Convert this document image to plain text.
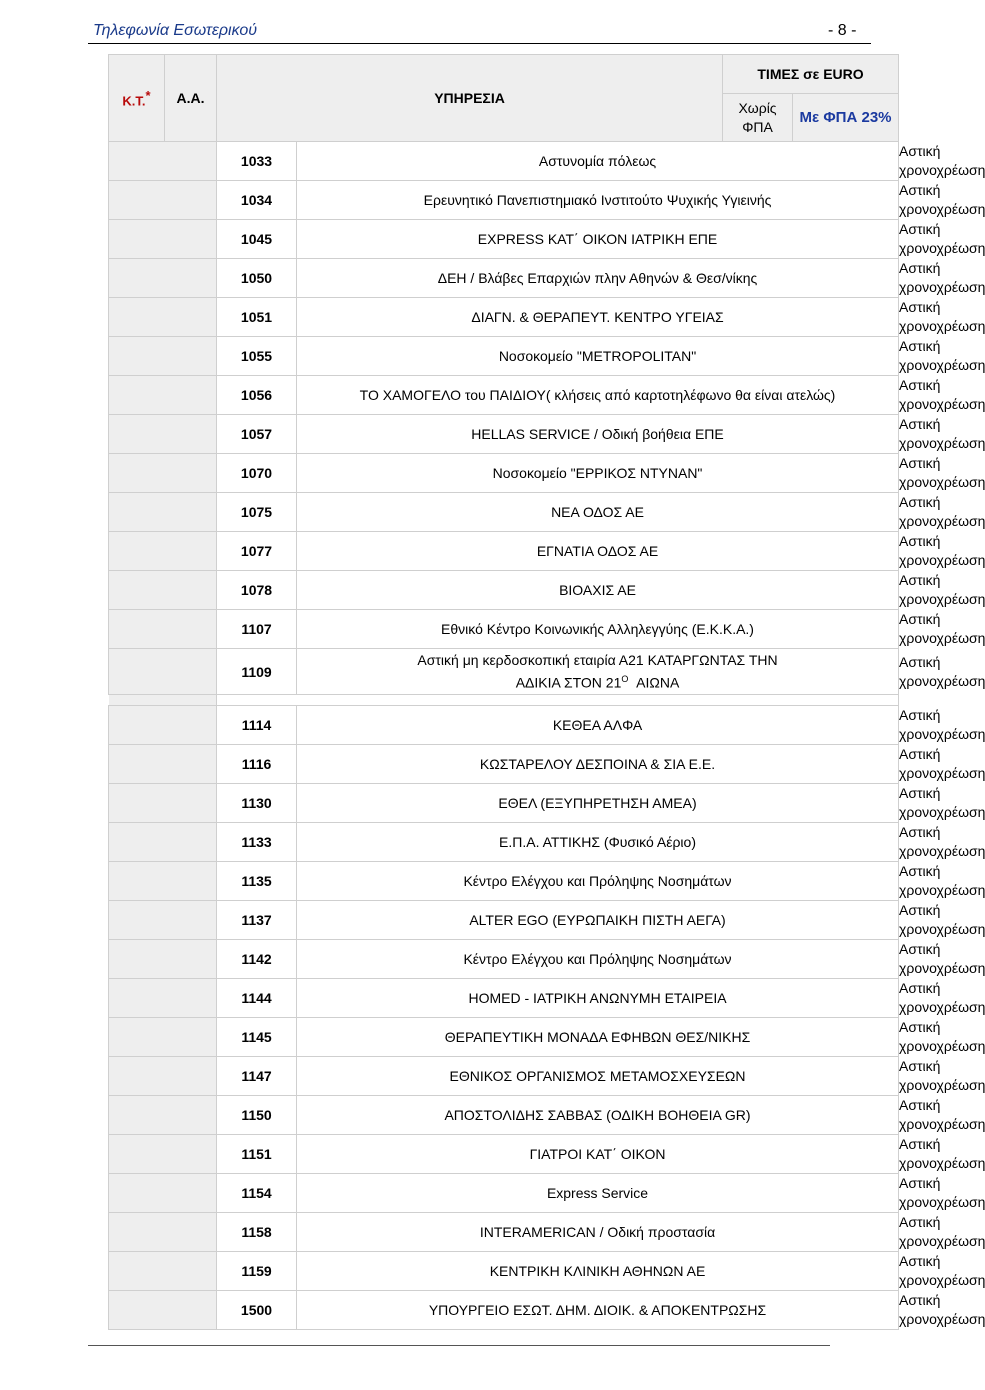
Τηλεφωνία Εσωτερικού	- 8 -
Κ.Τ.*	Α.Α.	ΥΠΗΡΕΣΙΑ		ΤΙΜΕΣ σε EURO		
				Χωρίς ΦΠΑ	Με ΦΠΑ 23%	
		1033	Αστυνομία πόλεως			Αστική
χρονοχρέωση
		1034	Ερευνητικό Πανεπιστημιακό Ινστιτούτο Ψυχικής Υγιεινής			Αστική
χρονοχρέωση
		1045	EXPRESS ΚΑΤ΄ ΟΙΚΟΝ ΙΑΤΡΙΚΗ ΕΠΕ			Αστική
χρονοχρέωση
		1050	ΔΕΗ / Βλάβες Επαρχιών πλην Αθηνών & Θεσ/νίκης			Αστική
χρονοχρέωση
		1051	ΔΙΑΓΝ. & ΘΕΡΑΠΕΥΤ. ΚΕΝΤΡΟ ΥΓΕΙΑΣ			Αστική
χρονοχρέωση
		1055	Νοσοκομείο "METROPOLITAN"			Αστική
χρονοχρέωση
		1056	ΤΟ ΧΑΜΟΓΕΛΟ του ΠΑΙΔΙΟΥ( κλήσεις από καρτοτηλέφωνο θα είναι ατελώς)			Αστική
χρονοχρέωση
		1057	HELLAS SERVICE / Οδική βοήθεια ΕΠΕ			Αστική
χρονοχρέωση
		1070	Νοσοκομείο "ΕΡΡΙΚΟΣ ΝΤΥΝΑΝ"			Αστική
χρονοχρέωση
		1075	ΝΕΑ ΟΔΟΣ ΑΕ			Αστική
χρονοχρέωση
		1077	ΕΓΝΑΤΙΑ ΟΔΟΣ ΑΕ			Αστική
χρονοχρέωση
		1078	ΒΙΟΑΧΙΣ ΑΕ			Αστική
χρονοχρέωση
		1107	Εθνικό Κέντρο Κοινωνικής Αλληλεγγύης (Ε.Κ.Κ.Α.)			Αστική
χρονοχρέωση
		1109	Αστική μη κερδοσκοπική εταιρία Α21 ΚΑΤΑΡΓΩΝΤΑΣ ΤΗΝ
ΑΔΙΚΙΑ ΣΤΟΝ $21^O$ ΑΙΩΝΑ			Αστική
χρονοχρέωση

		1114	ΚΕΘΕΑ ΑΛΦΑ			Αστική
χρονοχρέωση
		1116	ΚΩΣΤΑΡΕΛΟΥ ΔΕΣΠΟΙΝΑ & ΣΙΑ Ε.Ε.			Αστική
χρονοχρέωση
		1130	ΕΘΕΛ (ΕΞΥΠΗΡΕΤΗΣΗ ΑΜΕΑ)			Αστική
χρονοχρέωση
		1133	Ε.Π.Α. ΑΤΤΙΚΗΣ (Φυσικό Αέριο)			Αστική
χρονοχρέωση
		1135	Κέντρο Ελέγχου και Πρόληψης Νοσημάτων			Αστική
χρονοχρέωση
		1137	ALTER EGO (ΕΥΡΩΠΑΙΚΗ ΠΙΣΤΗ ΑΕΓΑ)			Αστική
χρονοχρέωση
		1142	Κέντρο Ελέγχου και Πρόληψης Νοσημάτων			Αστική
χρονοχρέωση
		1144	HOMED - ΙΑΤΡΙΚΗ ΑΝΩΝΥΜΗ ΕΤΑΙΡΕΙΑ			Αστική
χρονοχρέωση
		1145	ΘΕΡΑΠΕΥΤΙΚΗ ΜΟΝΑΔΑ ΕΦΗΒΩΝ ΘΕΣ/ΝΙΚΗΣ			Αστική
χρονοχρέωση
		1147	ΕΘΝΙΚΟΣ ΟΡΓΑΝΙΣΜΟΣ ΜΕΤΑΜΟΣΧΕΥΣΕΩΝ			Αστική
χρονοχρέωση
		1150	ΑΠΟΣΤΟΛΙΔΗΣ ΣΑΒΒΑΣ (ΟΔΙΚΗ ΒΟΗΘΕΙΑ GR)			Αστική
χρονοχρέωση
		1151	ΓΙΑΤΡΟΙ ΚΑΤ΄ ΟΙΚΟΝ			Αστική
χρονοχρέωση
		1154	Express Service			Αστική
χρονοχρέωση
		1158	INTERAMERICAN / Οδική προστασία			Αστική
χρονοχρέωση
		1159	ΚΕΝΤΡΙΚΗ ΚΛΙΝΙΚΗ ΑΘΗΝΩΝ ΑΕ			Αστική
χρονοχρέωση
		1500	ΥΠΟΥΡΓΕΙΟ ΕΣΩΤ. ΔΗΜ. ΔΙΟΙΚ. & ΑΠΟΚΕΝΤΡΩΣΗΣ			Αστική
χρονοχρέωση
